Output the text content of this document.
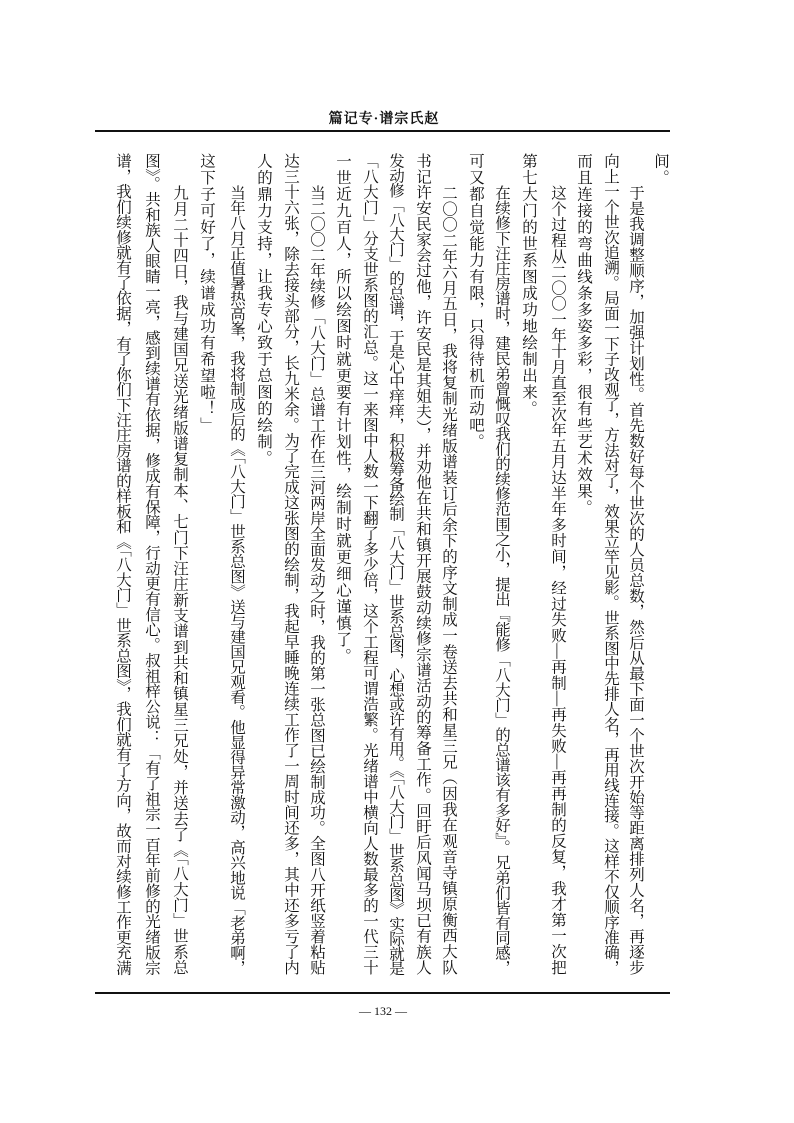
篇记专·谱宗氏赵
间。
于是我调整顺序，加强计划性。首先数好每个世次的人员总数，然后从最下面一个世次开始等距离排列人名，再逐步
向上一个世次追溯。局面一下子改观了，方法对了，效果立竿见影。世系图中先排人名，再用线连接。这样不仅顺序准确，
而且连接的弯曲线条多姿多彩，很有些艺术效果。
这个过程从二〇〇一年十月直至次年五月达半年多时间，经过失败—再制—再失败—再再制的反复，我才第一次把
第七大门的世系图成功地绘制出来。
在续修下汪庄房谱时，建民弟曾慨叹我们的续修范围之小，提出『能修「八大门」的总谱该有多好』。兄弟们皆有同感，
可又都自觉能力有限，只得待机而动吧。
二〇〇二年六月五日，我将复制光绪版谱装订后余下的序文制成一卷送去共和星三兄（因我在观音寺镇原衡西大队
书记许安民家会过他，许安民是其姐夫），并劝他在共和镇开展鼓动续修宗谱活动的筹备工作。回盱后风闻马坝已有族人
发动修「八大门」的总谱，于是心中痒痒，积极筹备绘制「八大门」世系总图，心想或许有用。《「八大门」世系总图》实际就是
「八大门」分支世系图的汇总。这一来图中人数一下翻了多少倍，这个工程可谓浩繁。光绪谱中横向人数最多的一代三十
一世近九百人，所以绘图时就更要有计划性，绘制时就更细心谨慎了。
当二〇〇二年续修「八大门」总谱工作在三河两岸全面发动之时，我的第一张总图已绘制成功。全图八开纸竖着粘贴
达三十六张，除去接头部分，长九米余。为了完成这张图的绘制，我起早睡晚连续工作了一周时间还多，其中还多亏了内
人的鼎力支持，让我专心致于总图的绘制。
当年八月正值暑热高峯，我将制成后的《「八大门」世系总图》送与建国兄观看。他显得异常激动，高兴地说「老弟啊，
这下子可好了，续谱成功有希望啦！」
九月二十四日，我与建国兄送光绪版谱复制本、七门下汪庄新支谱到共和镇星三兄处，并送去了《「八大门」世系总
图》。共和族人眼睛一亮，感到续谱有依据，修成有保障，行动更有信心。叔祖梓公说：「有了祖宗一百年前修的光绪版宗
谱，我们续修就有了依据，有了你们下汪庄房谱的样板和《「八大门」世系总图》，我们就有了方向，故而对续修工作更充满
— 132 —
